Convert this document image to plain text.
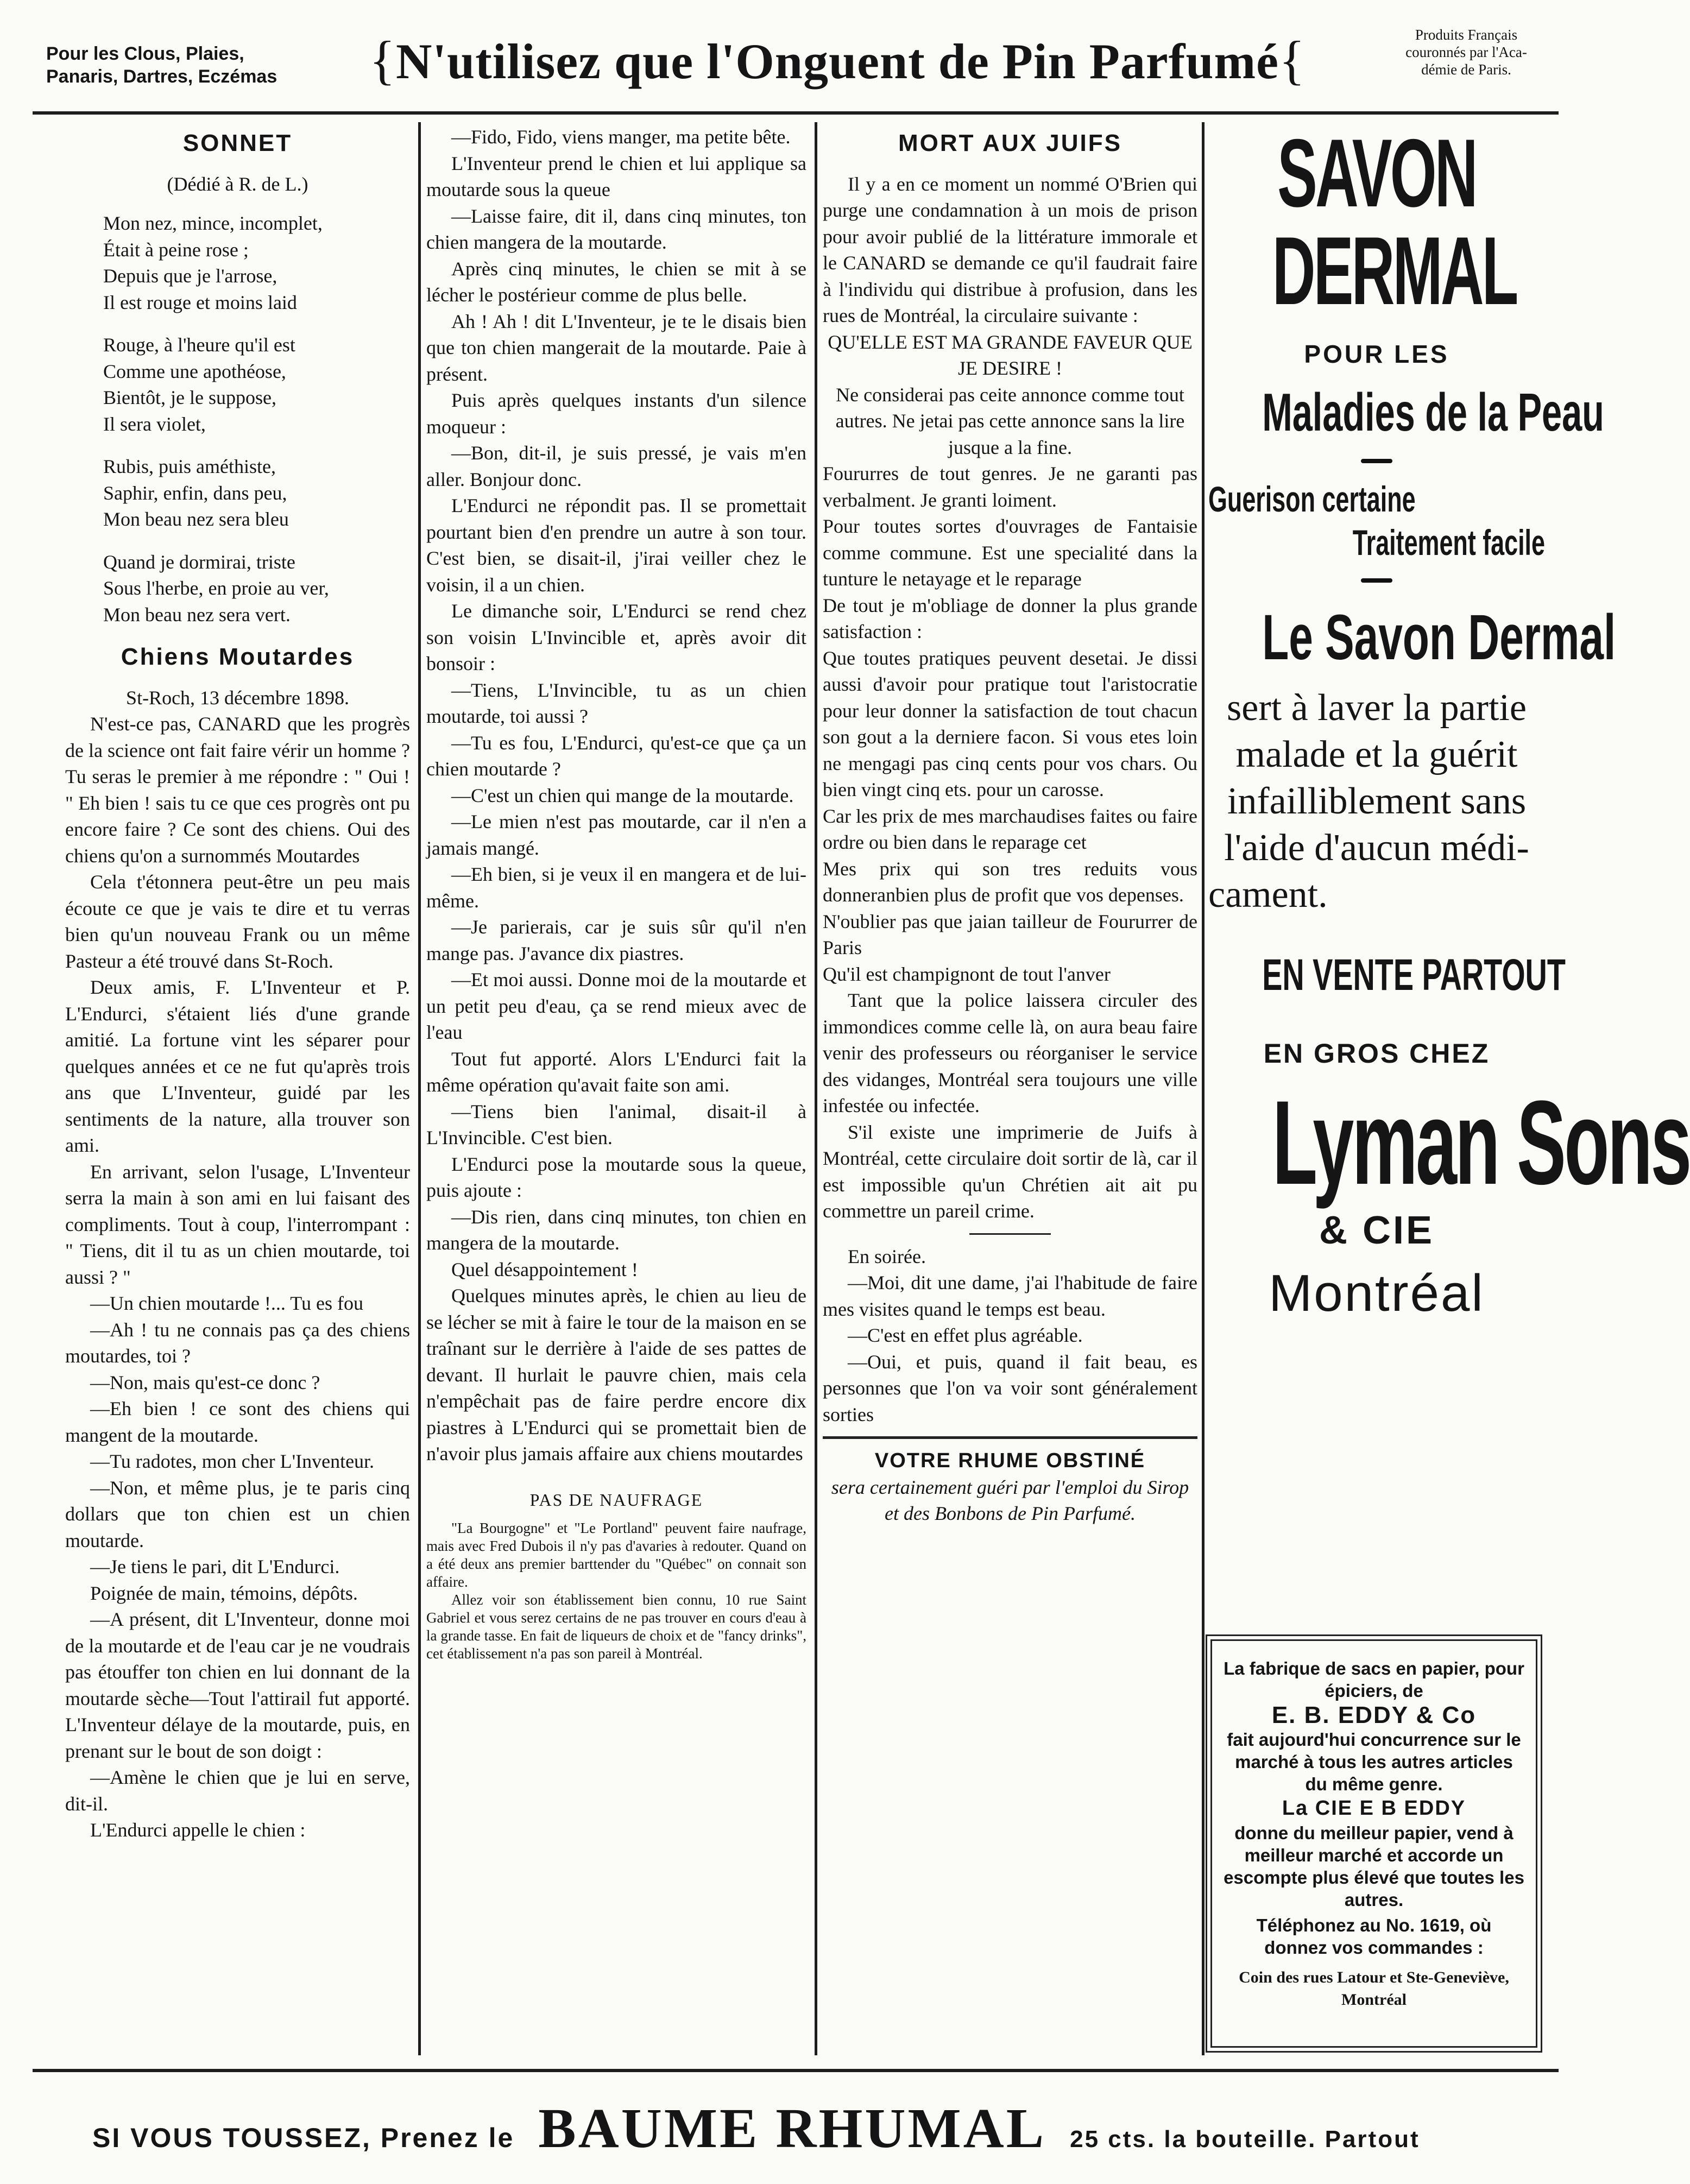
Pour les Clous, Plaies,
Panaris, Dartres, Eczémas	{N'utilisez que l'Onguent de Pin Parfumé{	Produits Français
couronnés par l'Aca-
démie de Paris.
SONNET

(Dédié à R. de L.)

Mon nez, mince, incomplet,
Était à peine rose ;
Depuis que je l'arrose,
Il est rouge et moins laid
Rouge, à l'heure qu'il est
Comme une apothéose,
Bientôt, je le suppose,
Il sera violet,
Rubis, puis améthiste,
Saphir, enfin, dans peu,
Mon beau nez sera bleu
Quand je dormirai, triste
Sous l'herbe, en proie au ver,
Mon beau nez sera vert.
Chiens Moutardes

St-Roch, 13 décembre 1898.

N'est-ce pas, CANARD que les progrès de la science ont fait faire vérir un homme ? Tu seras le premier à me répondre : " Oui ! " Eh bien ! sais tu ce que ces progrès ont pu encore faire ? Ce sont des chiens. Oui des chiens qu'on a surnommés Moutardes

Cela t'étonnera peut-être un peu mais écoute ce que je vais te dire et tu verras bien qu'un nouveau Frank ou un même Pasteur a été trouvé dans St-Roch.

Deux amis, F. L'Inventeur et P. L'Endurci, s'étaient liés d'une grande amitié. La fortune vint les séparer pour quelques années et ce ne fut qu'après trois ans que L'Inventeur, guidé par les sentiments de la nature, alla trouver son ami.

En arrivant, selon l'usage, L'Inventeur serra la main à son ami en lui faisant des compliments. Tout à coup, l'interrompant : " Tiens, dit il tu as un chien moutarde, toi aussi ? "

—Un chien moutarde !... Tu es fou

—Ah ! tu ne connais pas ça des chiens moutardes, toi ?

—Non, mais qu'est-ce donc ?

—Eh bien ! ce sont des chiens qui mangent de la moutarde.

—Tu radotes, mon cher L'Inventeur.

—Non, et même plus, je te paris cinq dollars que ton chien est un chien moutarde.

—Je tiens le pari, dit L'Endurci.

Poignée de main, témoins, dépôts.

—A présent, dit L'Inventeur, donne moi de la moutarde et de l'eau car je ne voudrais pas étouffer ton chien en lui donnant de la moutarde sèche—Tout l'attirail fut apporté. L'Inventeur délaye de la moutarde, puis, en prenant sur le bout de son doigt :

—Amène le chien que je lui en serve, dit-il.

L'Endurci appelle le chien :

—Fido, Fido, viens manger, ma petite bête.

L'Inventeur prend le chien et lui applique sa moutarde sous la queue

—Laisse faire, dit il, dans cinq minutes, ton chien mangera de la moutarde.

Après cinq minutes, le chien se mit à se lécher le postérieur comme de plus belle.

Ah ! Ah ! dit L'Inventeur, je te le disais bien que ton chien mangerait de la moutarde. Paie à présent.

Puis après quelques instants d'un silence moqueur :

—Bon, dit-il, je suis pressé, je vais m'en aller. Bonjour donc.

L'Endurci ne répondit pas. Il se promettait pourtant bien d'en prendre un autre à son tour. C'est bien, se disait-il, j'irai veiller chez le voisin, il a un chien.

Le dimanche soir, L'Endurci se rend chez son voisin L'Invincible et, après avoir dit bonsoir :

—Tiens, L'Invincible, tu as un chien moutarde, toi aussi ?

—Tu es fou, L'Endurci, qu'est-ce que ça un chien moutarde ?

—C'est un chien qui mange de la moutarde.

—Le mien n'est pas moutarde, car il n'en a jamais mangé.

—Eh bien, si je veux il en mangera et de lui-même.

—Je parierais, car je suis sûr qu'il n'en mange pas. J'avance dix piastres.

—Et moi aussi. Donne moi de la moutarde et un petit peu d'eau, ça se rend mieux avec de l'eau

Tout fut apporté. Alors L'Endurci fait la même opération qu'avait faite son ami.

—Tiens bien l'animal, disait-il à L'Invincible. C'est bien.

L'Endurci pose la moutarde sous la queue, puis ajoute :

—Dis rien, dans cinq minutes, ton chien en mangera de la moutarde.

Quel désappointement !

Quelques minutes après, le chien au lieu de se lécher se mit à faire le tour de la maison en se traînant sur le derrière à l'aide de ses pattes de devant. Il hurlait le pauvre chien, mais cela n'empêchait pas de faire perdre encore dix piastres à L'Endurci qui se promettait bien de n'avoir plus jamais affaire aux chiens moutardes

PAS DE NAUFRAGE

"La Bourgogne" et "Le Portland" peuvent faire naufrage, mais avec Fred Dubois il n'y pas d'avaries à redouter. Quand on a été deux ans premier barttender du "Québec" on connait son affaire.

Allez voir son établissement bien connu, 10 rue Saint Gabriel et vous serez certains de ne pas trouver en cours d'eau à la grande tasse. En fait de liqueurs de choix et de "fancy drinks", cet établissement n'a pas son pareil à Montréal.

MORT AUX JUIFS

Il y a en ce moment un nommé O'Brien qui purge une condamnation à un mois de prison pour avoir publié de la littérature immorale et le CANARD se demande ce qu'il faudrait faire à l'individu qui distribue à profusion, dans les rues de Montréal, la circulaire suivante :

QU'ELLE EST MA GRANDE FAVEUR QUE JE DESIRE !

Ne considerai pas ceite annonce comme tout autres. Ne jetai pas cette annonce sans la lire jusque a la fine.

Foururres de tout genres. Je ne garanti pas verbalment. Je granti loiment.

Pour toutes sortes d'ouvrages de Fantaisie comme commune. Est une specialité dans la tunture le netayage et le reparage

De tout je m'obliage de donner la plus grande satisfaction :

Que toutes pratiques peuvent desetai. Je dissi aussi d'avoir pour pratique tout l'aristocratie pour leur donner la satisfaction de tout chacun son gout a la derniere facon. Si vous etes loin ne mengagi pas cinq cents pour vos chars. Ou bien vingt cinq ets. pour un carosse.

Car les prix de mes marchaudises faites ou faire ordre ou bien dans le reparage cet

Mes prix qui son tres reduits vous donneranbien plus de profit que vos depenses.

N'oublier pas que jaian tailleur de Foururrer de Paris

Qu'il est champignont de tout l'anver

Tant que la police laissera circuler des immondices comme celle là, on aura beau faire venir des professeurs ou réorganiser le service des vidanges, Montréal sera toujours une ville infestée ou infectée.

S'il existe une imprimerie de Juifs à Montréal, cette circulaire doit sortir de là, car il est impossible qu'un Chrétien ait ait pu commettre un pareil crime.

En soirée.

—Moi, dit une dame, j'ai l'habitude de faire mes visites quand le temps est beau.

—C'est en effet plus agréable.

—Oui, et puis, quand il fait beau, es personnes que l'on va voir sont généralement sorties

VOTRE RHUME OBSTINÉ

sera certainement guéri par l'emploi du Sirop et des Bonbons de Pin Parfumé.

SAVON
DERMAL
POUR LES
Maladies de la Peau
Guerison certaine
Traitement facile
Le Savon Dermal
sert à laver la partie
malade et la guérit
infailliblement sans
l'aide d'aucun médi-
cament.
EN VENTE PARTOUT
EN GROS CHEZ
Lyman Sons
& CIE
Montréal
La fabrique de sacs en papier, pour épiciers, de
E. B. EDDY & Co
fait aujourd'hui concurrence sur le marché à tous les autres articles du même genre.
La CIE E B EDDY
donne du meilleur papier, vend à meilleur marché et accorde un escompte plus élevé que toutes les autres.
Téléphonez au No. 1619, où donnez vos commandes :
Coin des rues Latour et Ste-Geneviève, Montréal
SI VOUS TOUSSEZ, Prenez le BAUME RHUMAL 25 cts. la bouteille. Partout
